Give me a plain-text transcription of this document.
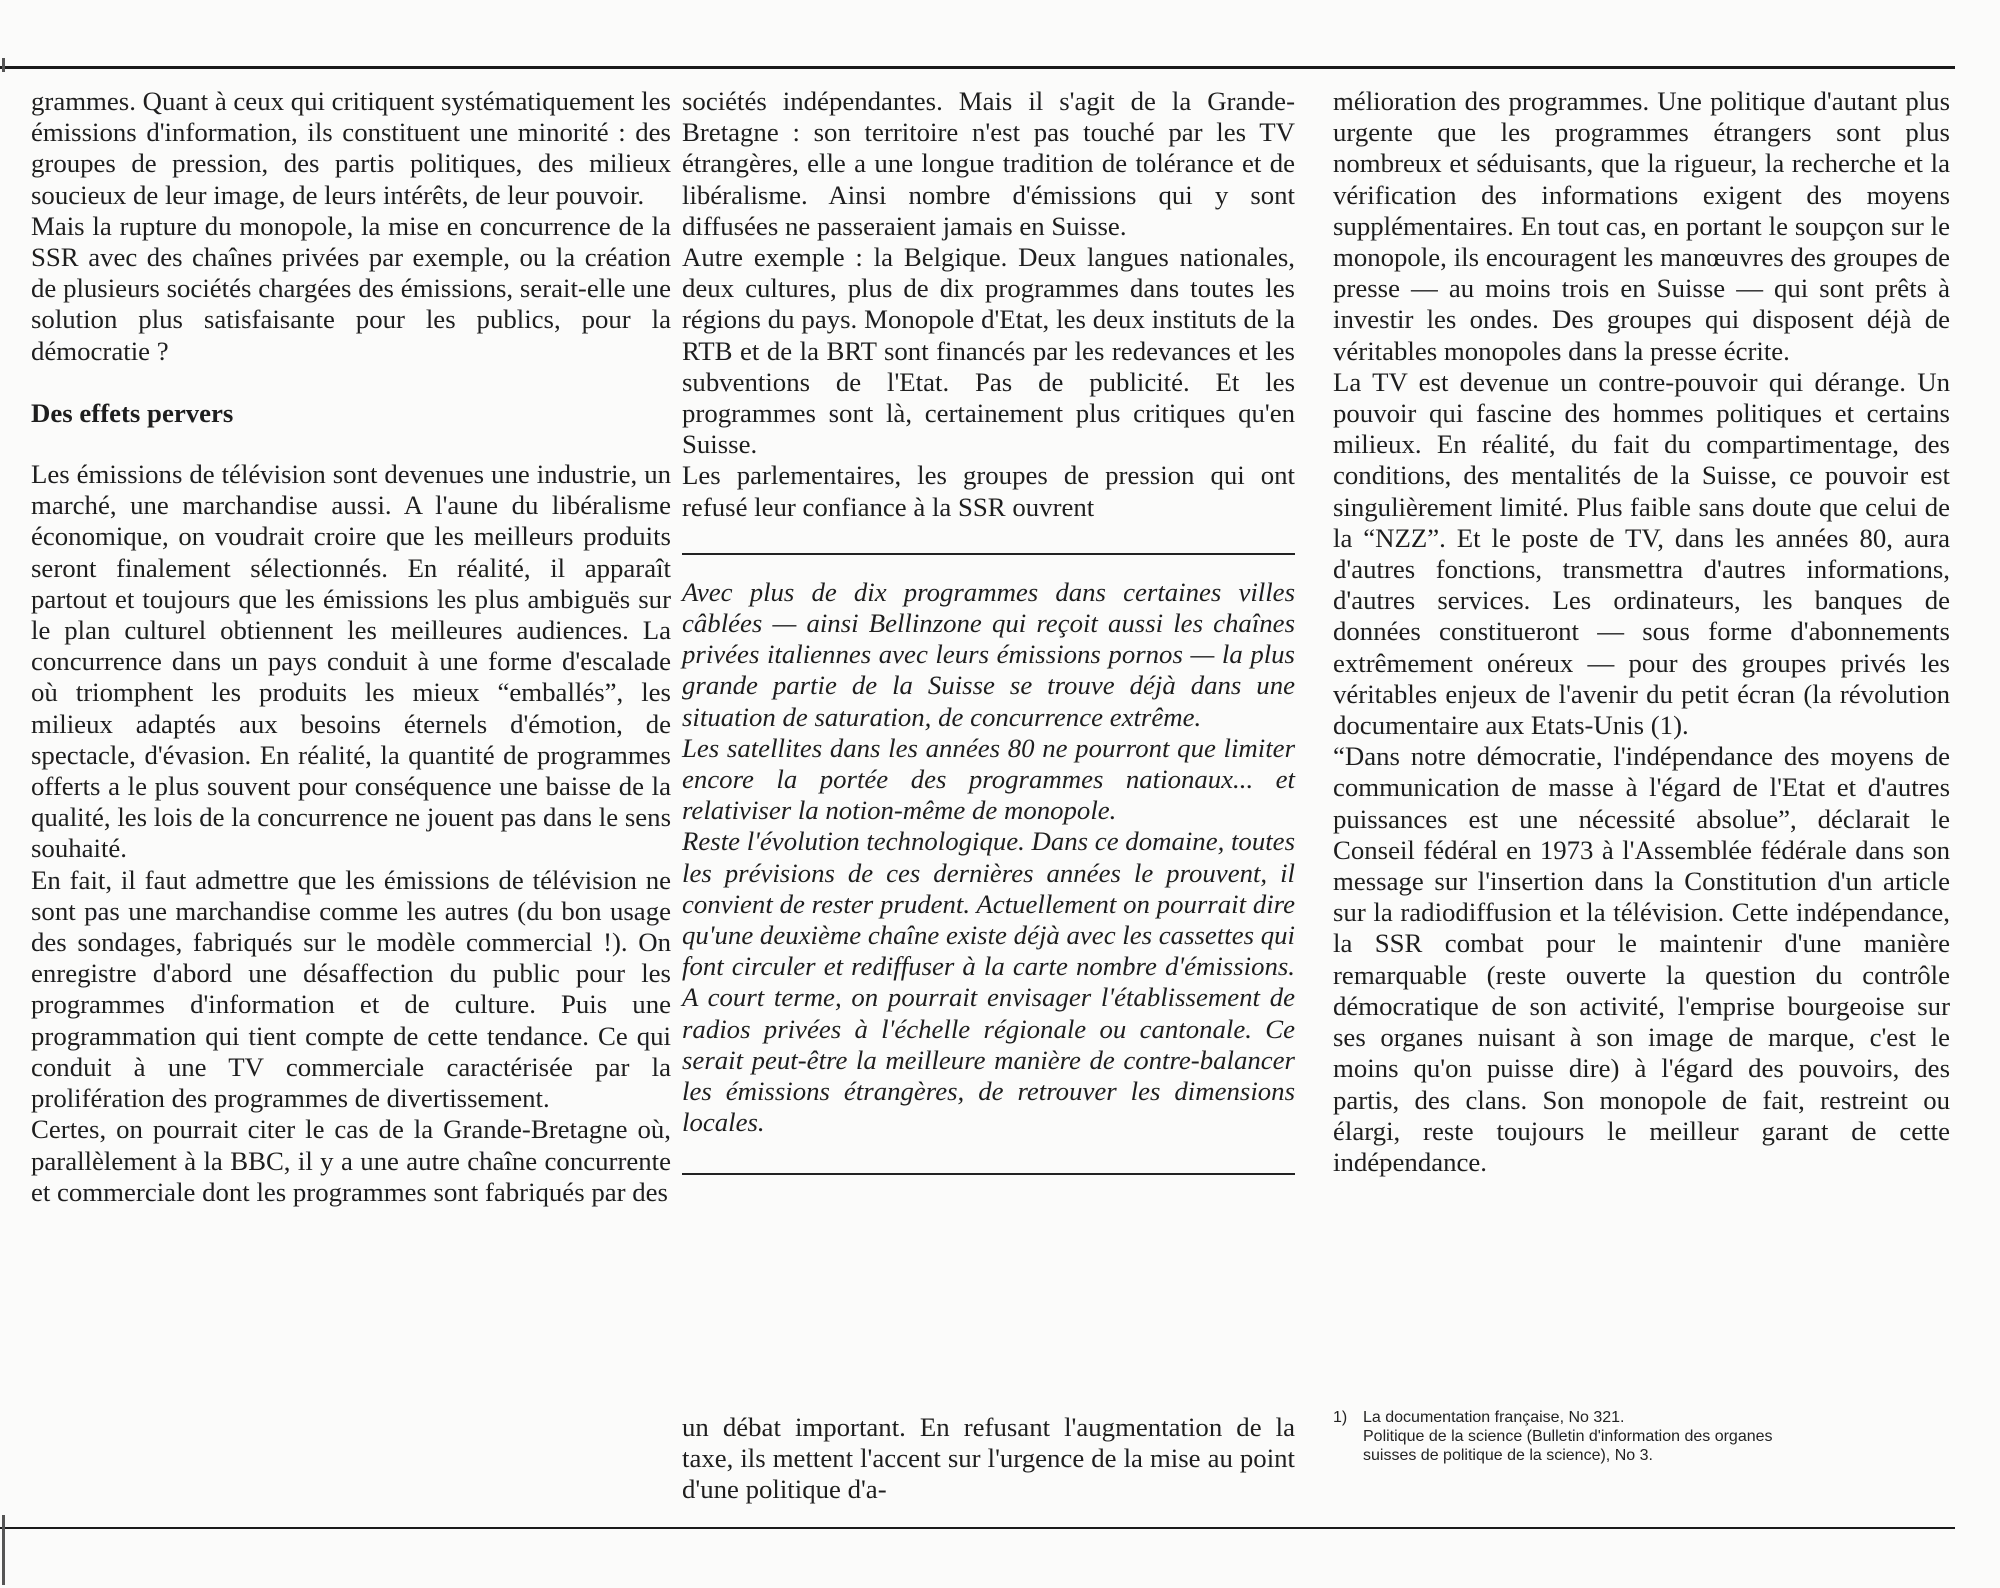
grammes. Quant à ceux qui critiquent systématiquement les émissions d'information, ils constituent une minorité : des groupes de pression, des partis politiques, des milieux soucieux de leur image, de leurs intérêts, de leur pouvoir.

Mais la rupture du monopole, la mise en concurrence de la SSR avec des chaînes privées par exemple, ou la création de plusieurs sociétés chargées des émissions, serait-elle une solution plus satisfaisante pour les publics, pour la démocratie ?

Des effets pervers

Les émissions de télévision sont devenues une industrie, un marché, une marchandise aussi. A l'aune du libéralisme économique, on voudrait croire que les meilleurs produits seront finalement sélectionnés. En réalité, il apparaît partout et toujours que les émissions les plus ambiguës sur le plan culturel obtiennent les meilleures audiences. La concurrence dans un pays conduit à une forme d'escalade où triomphent les produits les mieux “emballés”, les milieux adaptés aux besoins éternels d'émotion, de spectacle, d'évasion. En réalité, la quantité de programmes offerts a le plus souvent pour conséquence une baisse de la qualité, les lois de la concurrence ne jouent pas dans le sens souhaité.

En fait, il faut admettre que les émissions de télévision ne sont pas une marchandise comme les autres (du bon usage des sondages, fabriqués sur le modèle commercial !). On enregistre d'abord une désaffection du public pour les programmes d'information et de culture. Puis une programmation qui tient compte de cette tendance. Ce qui conduit à une TV commerciale caractérisée par la prolifération des programmes de divertissement.

Certes, on pourrait citer le cas de la Grande-Bretagne où, parallèlement à la BBC, il y a une autre chaîne concurrente et commerciale dont les programmes sont fabriqués par des

sociétés indépendantes. Mais il s'agit de la Grande-Bretagne : son territoire n'est pas touché par les TV étrangères, elle a une longue tradition de tolérance et de libéralisme. Ainsi nombre d'émissions qui y sont diffusées ne passeraient jamais en Suisse.

Autre exemple : la Belgique. Deux langues nationales, deux cultures, plus de dix programmes dans toutes les régions du pays. Monopole d'Etat, les deux instituts de la RTB et de la BRT sont financés par les redevances et les subventions de l'Etat. Pas de publicité. Et les programmes sont là, certainement plus critiques qu'en Suisse.

Les parlementaires, les groupes de pression qui ont refusé leur confiance à la SSR ouvrent

Avec plus de dix programmes dans certaines villes câblées — ainsi Bellinzone qui reçoit aussi les chaînes privées italiennes avec leurs émissions pornos — la plus grande partie de la Suisse se trouve déjà dans une situation de saturation, de concurrence extrême.

Les satellites dans les années 80 ne pourront que limiter encore la portée des programmes nationaux... et relativiser la notion-même de monopole.

Reste l'évolution technologique. Dans ce domaine, toutes les prévisions de ces dernières années le prouvent, il convient de rester prudent. Actuellement on pourrait dire qu'une deuxième chaîne existe déjà avec les cassettes qui font circuler et rediffuser à la carte nombre d'émissions. A court terme, on pourrait envisager l'établissement de radios privées à l'échelle régionale ou cantonale. Ce serait peut-être la meilleure manière de contre-balancer les émissions étrangères, de retrouver les dimensions locales.

un débat important. En refusant l'augmentation de la taxe, ils mettent l'accent sur l'urgence de la mise au point d'une politique d'a-

mélioration des programmes. Une politique d'autant plus urgente que les programmes étrangers sont plus nombreux et séduisants, que la rigueur, la recherche et la vérification des informations exigent des moyens supplémentaires. En tout cas, en portant le soupçon sur le monopole, ils encouragent les manœuvres des groupes de presse — au moins trois en Suisse — qui sont prêts à investir les ondes. Des groupes qui disposent déjà de véritables monopoles dans la presse écrite.

La TV est devenue un contre-pouvoir qui dérange. Un pouvoir qui fascine des hommes politiques et certains milieux. En réalité, du fait du compartimentage, des conditions, des mentalités de la Suisse, ce pouvoir est singulièrement limité. Plus faible sans doute que celui de la “NZZ”. Et le poste de TV, dans les années 80, aura d'autres fonctions, transmettra d'autres informations, d'autres services. Les ordinateurs, les banques de données constitueront — sous forme d'abonnements extrêmement onéreux — pour des groupes privés les véritables enjeux de l'avenir du petit écran (la révolution documentaire aux Etats-Unis (1).

“Dans notre démocratie, l'indépendance des moyens de communication de masse à l'égard de l'Etat et d'autres puissances est une nécessité absolue”, déclarait le Conseil fédéral en 1973 à l'Assemblée fédérale dans son message sur l'insertion dans la Constitution d'un article sur la radiodiffusion et la télévision. Cette indépendance, la SSR combat pour le maintenir d'une manière remarquable (reste ouverte la question du contrôle démocratique de son activité, l'emprise bourgeoise sur ses organes nuisant à son image de marque, c'est le moins qu'on puisse dire) à l'égard des pouvoirs, des partis, des clans. Son monopole de fait, restreint ou élargi, reste toujours le meilleur garant de cette indépendance.

1) La documentation française, No 321.
Politique de la science (Bulletin d'information des organes
suisses de politique de la science), No 3.
